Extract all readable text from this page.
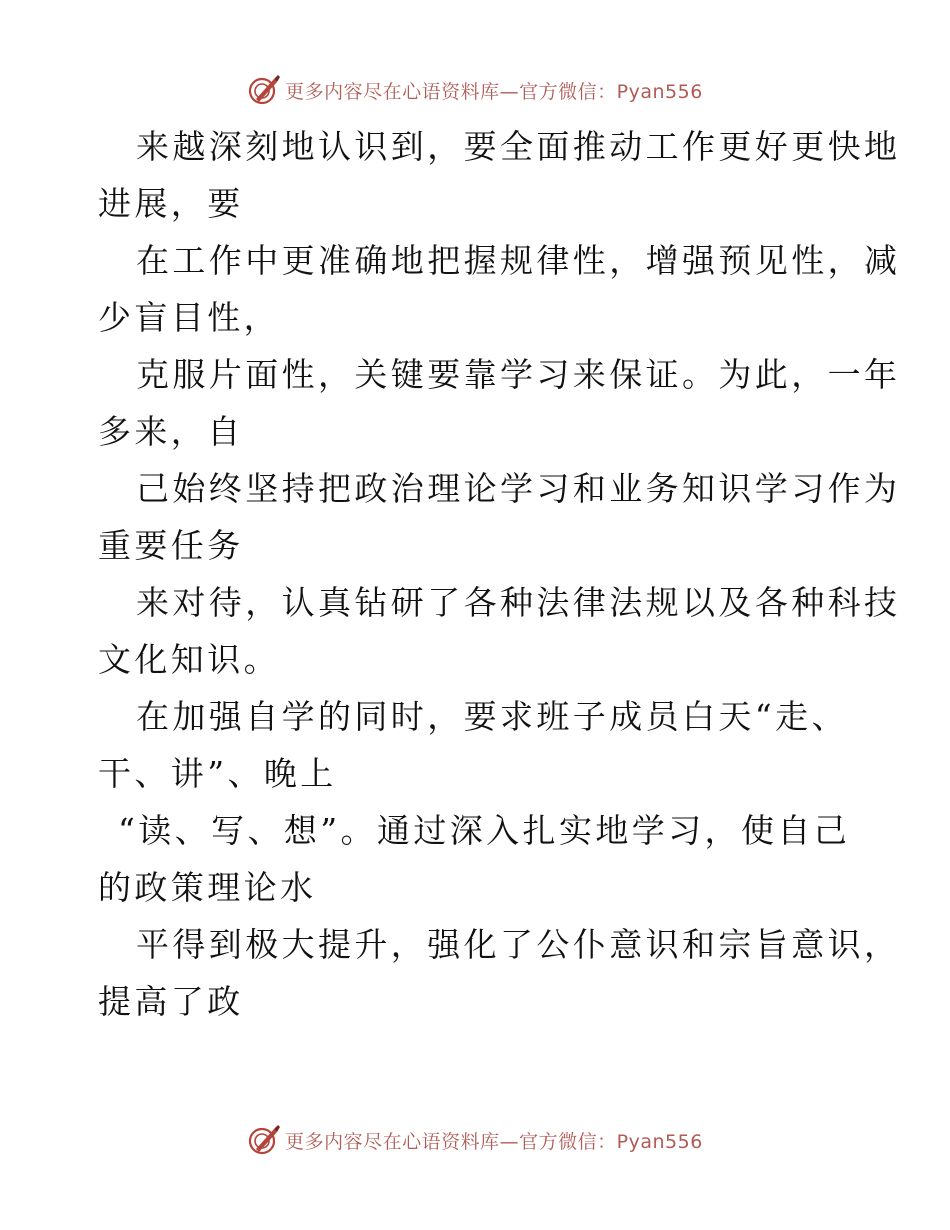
更多内容尽在心语资料库—官方微信：Pyan556
来越深刻地认识到，要全面推动工作更好更快地
进展，要
在工作中更准确地把握规律性，增强预见性，减
少盲目性，
克服片面性，关键要靠学习来保证。为此，一年
多来，自
己始终坚持把政治理论学习和业务知识学习作为
重要任务
来对待，认真钻研了各种法律法规以及各种科技
文化知识。
在加强自学的同时，要求班子成员白天“走、
干、讲”、晚上
“读、写、想”。通过深入扎实地学习，使自己
的政策理论水
平得到极大提升，强化了公仆意识和宗旨意识，
提高了政
更多内容尽在心语资料库—官方微信：Pyan556
